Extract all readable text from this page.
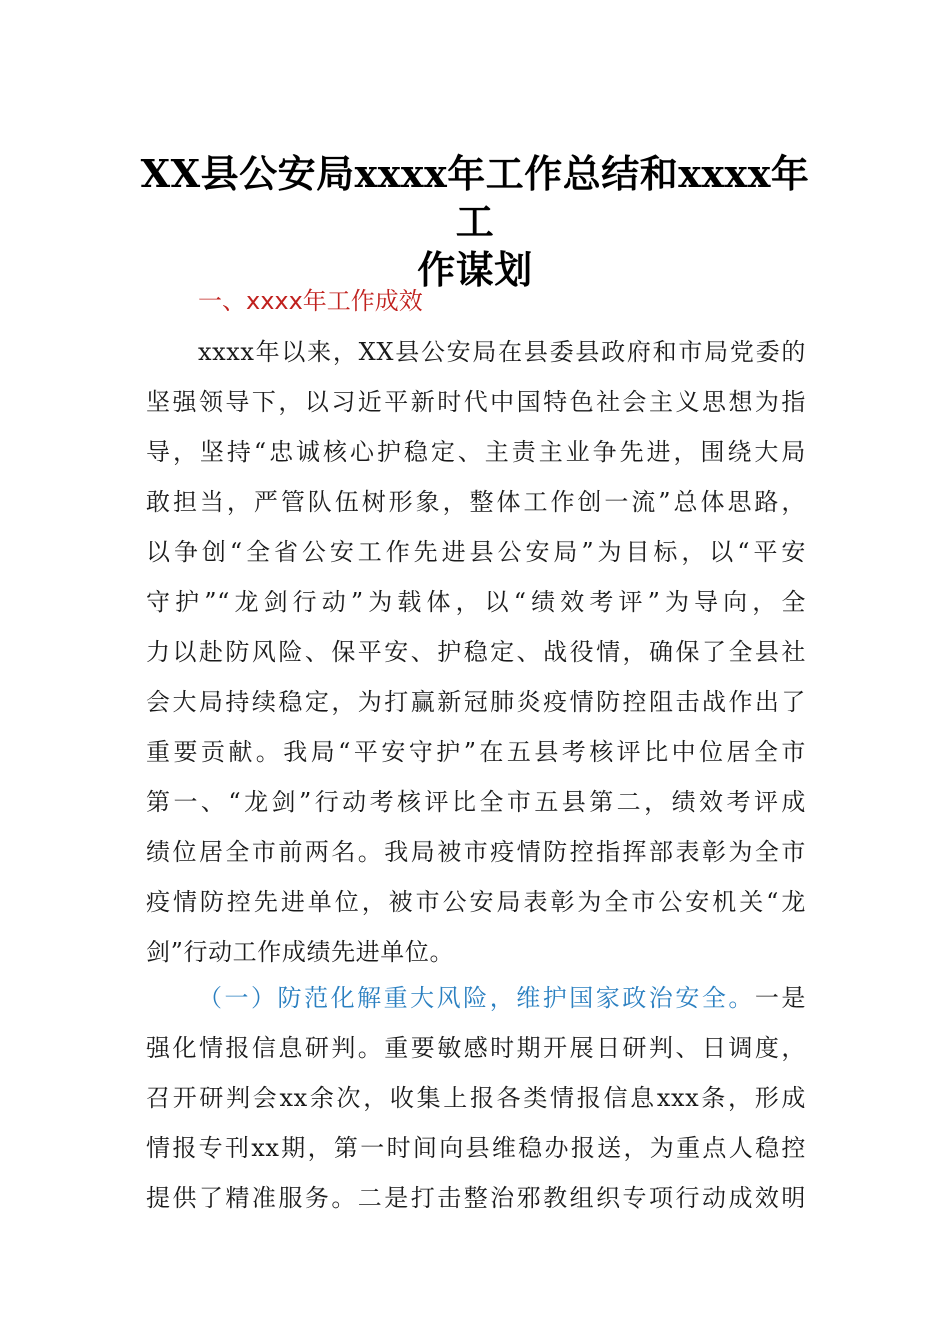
XX县公安局xxxx年工作总结和xxxx年工
作谋划
一、xxxx年工作成效
xxxx年以来，XX县公安局在县委县政府和市局党委的
坚强领导下，以习近平新时代中国特色社会主义思想为指
导，坚持“忠诚核心护稳定、主责主业争先进，围绕大局
敢担当，严管队伍树形象，整体工作创一流”总体思路，
以争创“全省公安工作先进县公安局”为目标，以“平安
守护”“龙剑行动”为载体，以“绩效考评”为导向，全
力以赴防风险、保平安、护稳定、战役情，确保了全县社
会大局持续稳定，为打赢新冠肺炎疫情防控阻击战作出了
重要贡献。我局“平安守护”在五县考核评比中位居全市
第一、“龙剑”行动考核评比全市五县第二，绩效考评成
绩位居全市前两名。我局被市疫情防控指挥部表彰为全市
疫情防控先进单位，被市公安局表彰为全市公安机关“龙
剑”行动工作成绩先进单位。
（一）防范化解重大风险，维护国家政治安全。一是
强化情报信息研判。重要敏感时期开展日研判、日调度，
召开研判会xx余次，收集上报各类情报信息xxx条，形成
情报专刊xx期，第一时间向县维稳办报送，为重点人稳控
提供了精准服务。二是打击整治邪教组织专项行动成效明
